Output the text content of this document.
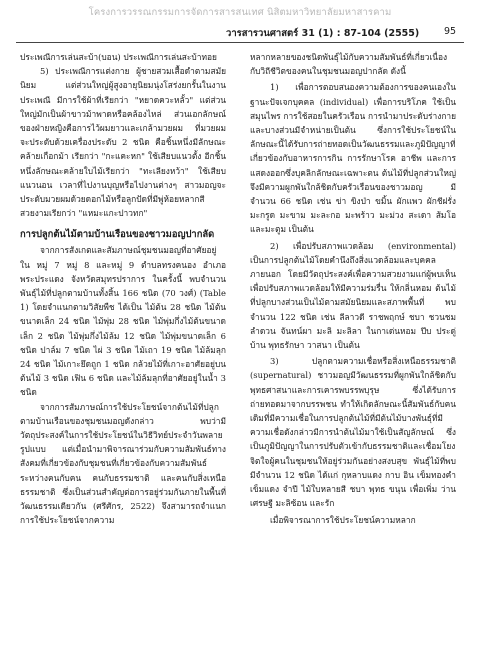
โครงการวรรณกรรมการจัดการสารสนเทศ นิสิตมหาวิทยาลัยมหาสารคาม
วารสารวนศาสตร์ 31 (1) : 87-104 (2555)	95

ประเพณีการเล่นสะบ้า(บอน) ประเพณีการเล่นสะบ้าทอย

5) ประเพณีการแต่งกาย ผู้ชายสวมเสื้อดำตามสมัยนิยม แต่ส่วนใหญ่ผู้สูงอายุนิยมนุ่งโสร่งยกรั้นในงานประเพณี มีการใช้ผ้าที่เรียกว่า "หยาดควะหลั้ว" แต่ส่วนใหญ่มักเป็นผ้าขาวม้าพาดหรือคล้องไหล่ ส่วนเอกลักษณ์ของฝ่ายหญิงคือการไว้ผมยาวและเกล้ามวยผม ที่มวยผมจะประดับด้วยเครื่องประดับ 2 ชนิด คือชิ้นหนึ่งมีลักษณะคล้ายเกือกม้า เรียกว่า "กะแคะหก" ใช้เสียบแนวตั้ง อีกชิ้นหนึ่งลักษณะคล้ายใบไม้เรียกว่า "ทะเลียงหว้า" ใช้เสียบแนวนอน เวลาที่ไปงานบุญหรือไปงานต่างๆ สาวมอญจะประดับมวยผมด้วยดอกไม้หรือลูกปัดที่มีพู่ห้อยหลากสีสวยงามเรียกว่า "แหมะแกะปาวทก"

การปลูกต้นไม้ตามบ้านเรือนของชาวมอญปากลัด

จากการสังเกตและสัมภาษณ์ชุมชนมอญที่อาศัยอยู่ใน หมู่ 7 หมู่ 8 และหมู่ 9 ตำบลทรงคนอง อำเภอพระประแดง จังหวัดสมุทรปราการ ในครั้งนี้ พบจำนวนพันธุ์ไม้ที่ปลูกตามบ้านทั้งสิ้น 166 ชนิด (70 วงศ์) (Table 1) โดยจำแนกตามวิสัยพืช ได้เป็น ไม้ต้น 28 ชนิด ไม้ต้นขนาดเล็ก 24 ชนิด ไม้พุ่ม 28 ชนิด ไม้พุ่มกึ่งไม้ต้นขนาดเล็ก 2 ชนิด ไม้พุ่มกึ่งไม้ล้ม 12 ชนิด ไม้พุ่มขนาดเล็ก 6 ชนิด ปาล์ม 7 ชนิด ไผ่ 3 ชนิด ไม้เถา 19 ชนิด ไม้ล้มลุก 24 ชนิด ไม้เกาะยึดถูก 1 ชนิด กล้วยไม้ที่เกาะอาศัยอยู่บนต้นไม้ 3 ชนิด เฟิน 6 ชนิด และไม้ล้มลุกที่อาศัยอยู่ในน้ำ 3 ชนิด

จากการสัมภาษณ์การใช้ประโยชน์จากต้นไม้ที่ปลูกตามบ้านเรือนของชุมชนมอญดังกล่าว พบว่ามีวัตถุประสงค์ในการใช้ประโยชน์ในวิธีวิทย์ประจำวันพลายรูปแบบ แต่เมื่อนำมาพิจารณาร่วมกับความสัมพันธ์ทางสังคมที่เกี่ยวข้องกับชุมชนที่เกี่ยวข้องกับความสัมพันธ์ระหว่างคนกับคน คนกับธรรมชาติ และคนกับสิ่งเหนือธรรมชาติ ซึ่งเป็นส่วนสำคัญต่อการอยู่ร่วมกันภายในพื้นที่วัฒนธรรมเดียวกัน (ศรีศักร, 2522) จึงสามารถจำแนกการใช้ประโยชน์จากความ

หลากหลายของชนิดพันธุ์ไม้กับความสัมพันธ์ที่เกี่ยวเนื่องกับวิถีชีวิตของคนในชุมชนมอญปากลัด ดังนี้

1) เพื่อการตอบสนองความต้องการของคนเองในฐานะปัจเจกบุคคล (individual) เพื่อการบริโภค ใช้เป็นสมุนไพร การใช้สอยในครัวเรือน การนำมาประดับร่างกาย และบางส่วนมีจำหน่ายเป็นต้น ซึ่งการใช้ประโยชน์ในลักษณะนี้ได้รับการถ่ายทอดเป็นวัฒนธรรมและภูมิปัญญาที่เกี่ยวข้องกับอาหารการกิน การรักษาโรค อาชีพ และการแสดงออกซึ่งบุคลิกลักษณะเฉพาะตน ต้นไม้ที่ปลูกส่วนใหญ่จึงมีความผูกพันใกล้ชิดกับครัวเรือนของชาวมอญ มีจำนวน 66 ชนิด เช่น ข่า ขิงป่า ขมิ้น ผักแพว ผักชีฝรั่ง มะกรูด มะขาม มะละกอ มะพร้าว มะม่วง สะเดา ส้มโอ และมะตูม เป็นต้น

2) เพื่อปรับสภาพแวดล้อม (environmental) เป็นการปลูกต้นไม้โดยคำนึงถึงสิ่งแวดล้อมและบุคคลภายนอก โดยมีวัตถุประสงค์เพื่อความสวยงามแก่ผู้พบเห็น เพื่อปรับสภาพแวดล้อมให้มีความร่มรื่น ให้กลิ่นหอม ต้นไม้ที่ปลูกบางส่วนเป็นไม้ตามสมัยนิยมและสภาพพื้นที่ พบจำนวน 122 ชนิด เช่น ลีลาวดี ราชพฤกษ์ ชบา ชวนชม ลำดวน จันทน์ผา มะลิ มะลิลา ในกาเด่นหอม ปีบ ประดู่บ้าน พุทธรักษา วาสนา เป็นต้น

3) ปลูกตามความเชื่อหรือสิ่งเหนือธรรมชาติ (supernatural) ชาวมอญมีวัฒนธรรมที่ผูกพันใกล้ชิดกับพุทธศาสนาและการเคารพบรรพบุรุษ ซึ่งได้รับการถ่ายทอดมาจากบรรพชน ทำให้เกิดลักษณะนี้สัมพันธ์กับคนเดิมที่มีความเชื่อในการปลูกต้นไม้ที่มีต้นไม้บางพันธุ์ที่มีความเชื่อดังกล่าวมีการนำต้นไม้มาใช้เป็นสัญลักษณ์ ซึ่งเป็นภูมิปัญญาในการปรับตัวเข้ากับธรรมชาติและเชื่อมโยงจิตใจผู้คนในชุมชนให้อยู่ร่วมกันอย่างสงบสุข พันธุ์ไม้ที่พบมีจำนวน 12 ชนิด ได้แก่ กุหลาบแดง กาบ อิน เข็มทองคำ เข็มแดง จำปี ไม้ใบหลายสี ชบา พุทธ ขนุน เพื่อเพิ่ม ว่านเศรษฐี มะลิซ้อน และรัก

เมื่อพิจารณาการใช้ประโยชน์ความหลาก
